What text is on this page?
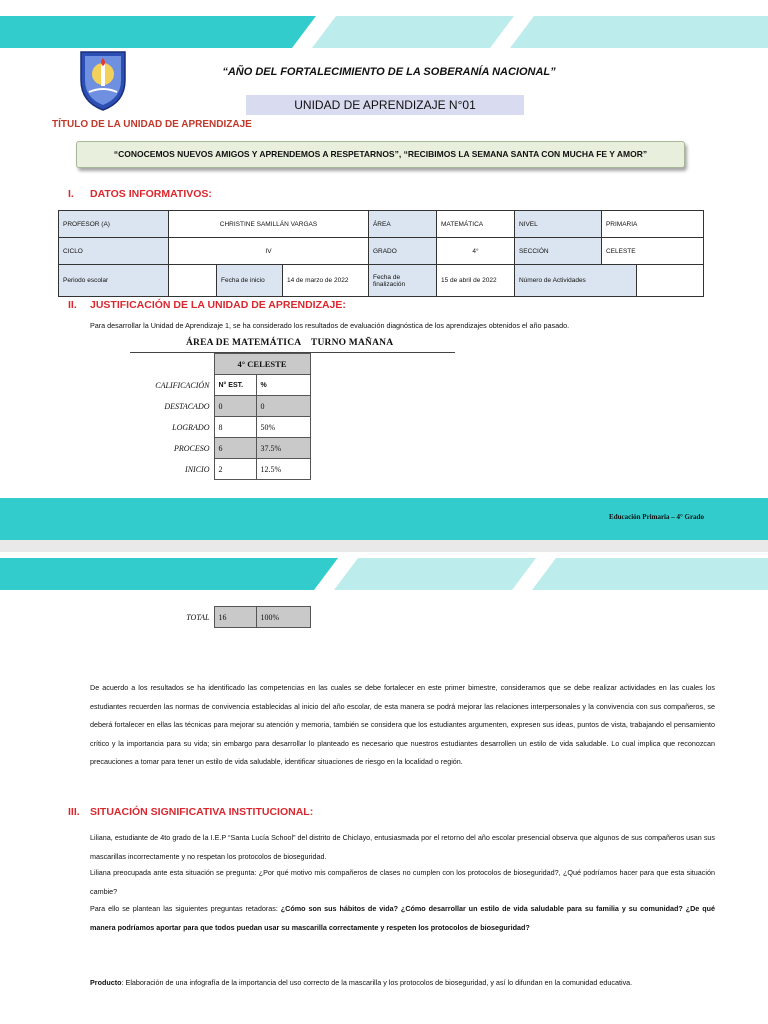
“AÑO DEL FORTALECIMIENTO DE LA SOBERANÍA NACIONAL”
UNIDAD DE APRENDIZAJE N°01
TÍTULO DE LA UNIDAD DE APRENDIZAJE
“CONOCEMOS NUEVOS AMIGOS Y APRENDEMOS A RESPETARNOS”, “RECIBIMOS LA SEMANA SANTA CON MUCHA FE Y AMOR”
I. DATOS INFORMATIVOS:
PROFESOR (A)	CHRISTINE SAMILLÁN VARGAS			ÁREA	MATEMÁTICA	NIVEL	PRIMARIA	
CICLO	IV			GRADO	4°	SECCIÓN	CELESTE	
Periodo escolar		Fecha de inicio	14 de marzo de 2022	Fecha de finalización	15 de abril de 2022	Número de Actividades		
II. JUSTIFICACIÓN DE LA UNIDAD DE APRENDIZAJE:
Para desarrollar la Unidad de Aprendizaje 1, se ha considerado los resultados de evaluación diagnóstica de los aprendizajes obtenidos el año pasado.
ÁREA DE MATEMÁTICA    TURNO MAÑANA
	4° CELESTE	
CALIFICACIÓN	N° EST.	%
DESTACADO	0	0
LOGRADO	8	50%
PROCESO	6	37.5%
INICIO	2	12.5%
Educación Primaria – 4° Grado
TOTAL	16	100%
De acuerdo a los resultados se ha identificado las competencias en las cuales se debe fortalecer en este primer bimestre, consideramos que se debe realizar actividades en las cuales los estudiantes recuerden las normas de convivencia establecidas al inicio del año escolar, de esta manera se podrá mejorar las relaciones interpersonales y la convivencia con sus compañeros, se deberá fortalecer en ellas las técnicas para mejorar su atención y memoria, también se considera que los estudiantes argumenten, expresen sus ideas, puntos de vista, trabajando el pensamiento crítico y la importancia para su vida; sin embargo para desarrollar lo planteado es necesario que nuestros estudiantes desarrollen un estilo de vida saludable. Lo cual implica que reconozcan precauciones a tomar para tener un estilo de vida saludable, identificar situaciones de riesgo en la localidad o región.
III. SITUACIÓN SIGNIFICATIVA INSTITUCIONAL:
Liliana, estudiante de 4to grado de la I.E.P “Santa Lucía School” del distrito de Chiclayo, entusiasmada por el retorno del año escolar presencial observa que algunos de sus compañeros usan sus mascarillas incorrectamente y no respetan los protocolos de bioseguridad.
Liliana preocupada ante esta situación se pregunta: ¿Por qué motivo mis compañeros de clases no cumplen con los protocolos de bioseguridad?, ¿Qué podríamos hacer para que esta situación cambie?
Para ello se plantean las siguientes preguntas retadoras: ¿Cómo son sus hábitos de vida? ¿Cómo desarrollar un estilo de vida saludable para su familia y su comunidad? ¿De qué manera podríamos aportar para que todos puedan usar su mascarilla correctamente y respeten los protocolos de bioseguridad?
Producto: Elaboración de una infografía de la importancia del uso correcto de la mascarilla y los protocolos de bioseguridad, y así lo difundan en la comunidad educativa.
